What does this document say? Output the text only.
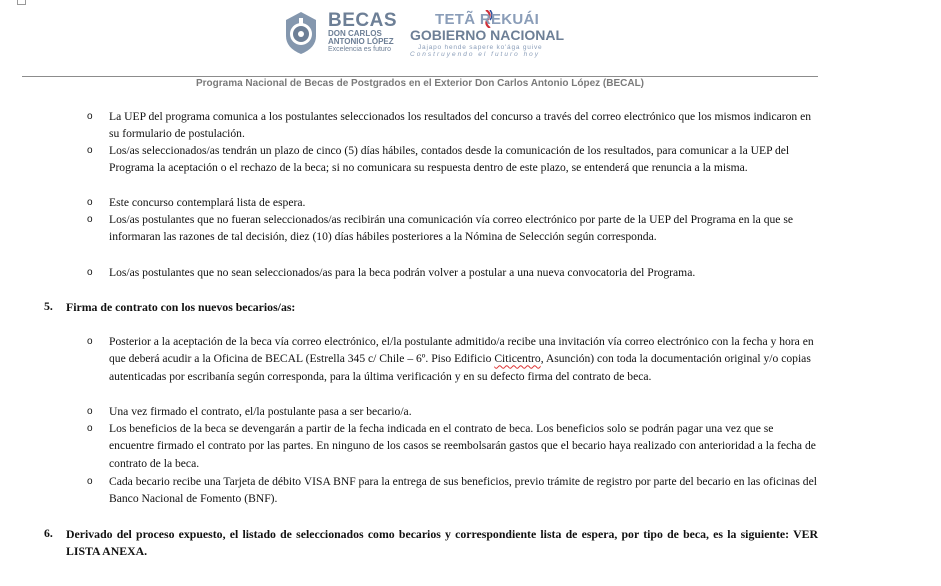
BECAS
DON CARLOS
ANTONIO LÓPEZ
Excelencia es futuro
TETÃ REKUÁI
GOBIERNO NACIONAL
Jajapo hende sapere ko'ága guive
Construyendo el futuro hoy
Programa Nacional de Becas de Postgrados en el Exterior Don Carlos Antonio López (BECAL)
o La UEP del programa comunica a los postulantes seleccionados los resultados del concurso a través del correo electrónico que los mismos indicaron en su formulario de postulación.
o Los/as seleccionados/as tendrán un plazo de cinco (5) días hábiles, contados desde la comunicación de los resultados, para comunicar a la UEP del Programa la aceptación o el rechazo de la beca; si no comunicara su respuesta dentro de este plazo, se entenderá que renuncia a la misma.
o Este concurso contemplará lista de espera.
o Los/as postulantes que no fueran seleccionados/as recibirán una comunicación vía correo electrónico por parte de la UEP del Programa en la que se informaran las razones de tal decisión, diez (10) días hábiles posteriores a la Nómina de Selección según corresponda.
o Los/as postulantes que no sean seleccionados/as para la beca podrán volver a postular a una nueva convocatoria del Programa.
5. Firma de contrato con los nuevos becarios/as:
o Posterior a la aceptación de la beca vía correo electrónico, el/la postulante admitido/a recibe una invitación vía correo electrónico con la fecha y hora en que deberá acudir a la Oficina de BECAL (Estrella 345 c/ Chile – 6º. Piso Edificio Citicentro, Asunción) con toda la documentación original y/o copias autenticadas por escribanía según corresponda, para la última verificación y en su defecto firma del contrato de beca.
o Una vez firmado el contrato, el/la postulante pasa a ser becario/a.
o Los beneficios de la beca se devengarán a partir de la fecha indicada en el contrato de beca. Los beneficios solo se podrán pagar una vez que se encuentre firmado el contrato por las partes. En ninguno de los casos se reembolsarán gastos que el becario haya realizado con anterioridad a la fecha de contrato de la beca.
o Cada becario recibe una Tarjeta de débito VISA BNF para la entrega de sus beneficios, previo trámite de registro por parte del becario en las oficinas del Banco Nacional de Fomento (BNF).
6. Derivado del proceso expuesto, el listado de seleccionados como becarios y correspondiente lista de espera, por tipo de beca, es la siguiente: VER LISTA ANEXA.
